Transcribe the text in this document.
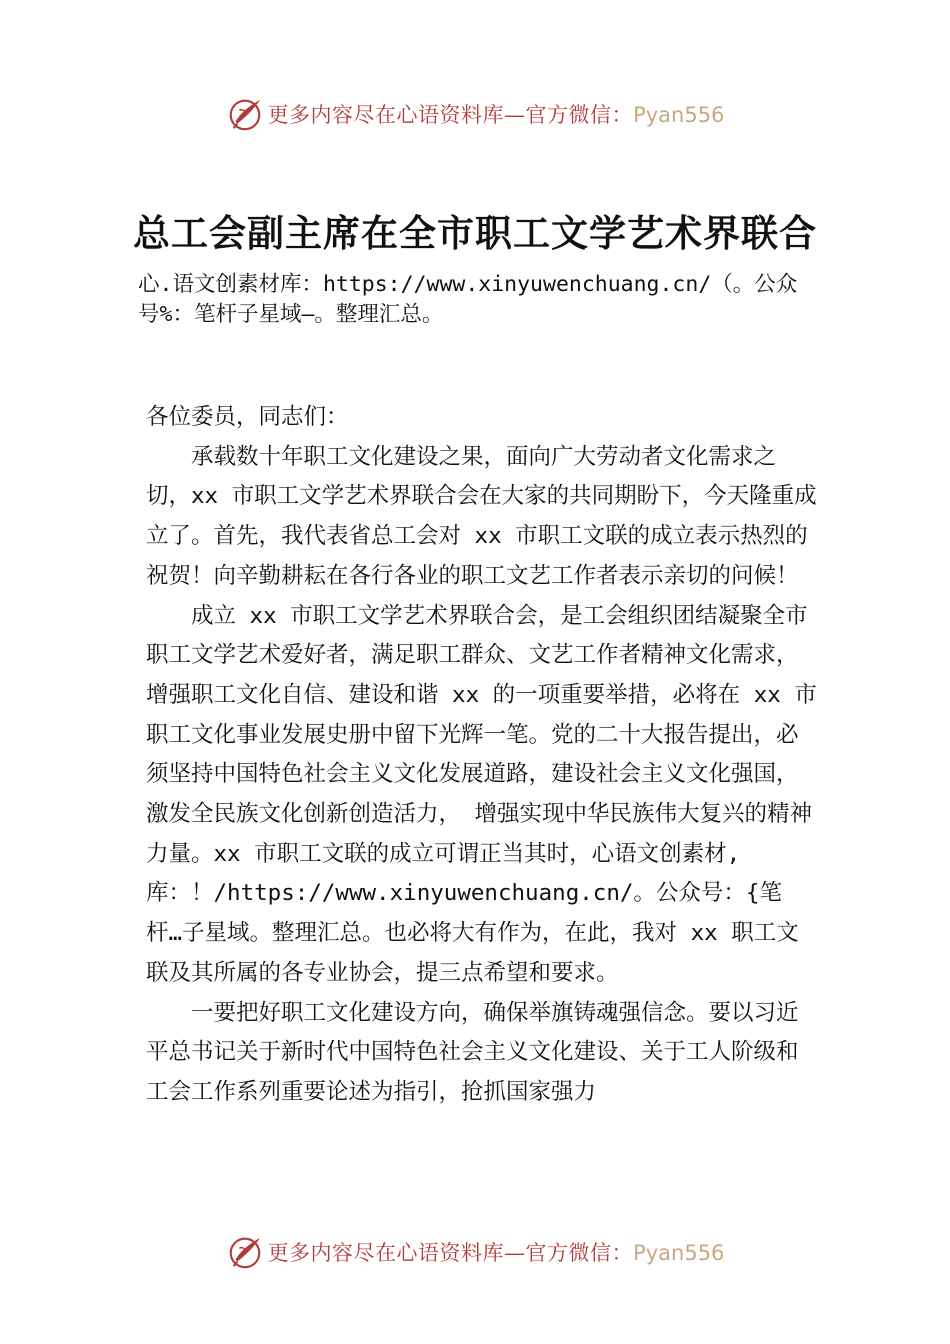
更多内容尽在心语资料库—官方微信：Pyan556
总工会副主席在全市职工文学艺术界联合

心.语文创素材库：https://www.xinyuwenchuang.cn/（。公众号%：笔杆子星域—。整理汇总。

各位委员，同志们：

承载数十年职工文化建设之果，面向广大劳动者文化需求之切，xx 市职工文学艺术界联合会在大家的共同期盼下，今天隆重成立了。首先，我代表省总工会对 xx 市职工文联的成立表示热烈的祝贺！向辛勤耕耘在各行各业的职工文艺工作者表示亲切的问候！

成立 xx 市职工文学艺术界联合会，是工会组织团结凝聚全市职工文学艺术爱好者，满足职工群众、文艺工作者精神文化需求，增强职工文化自信、建设和谐 xx 的一项重要举措，必将在 xx 市职工文化事业发展史册中留下光辉一笔。党的二十大报告提出，必须坚持中国特色社会主义文化发展道路，建设社会主义文化强国，激发全民族文化创新创造活力， 增强实现中华民族伟大复兴的精神力量。xx 市职工文联的成立可谓正当其时，心语文创素材,库：！/https://www.xinyuwenchuang.cn/。公众号：{笔杆…子星域。整理汇总。也必将大有作为，在此，我对 xx 职工文联及其所属的各专业协会，提三点希望和要求。

一要把好职工文化建设方向，确保举旗铸魂强信念。要以习近平总书记关于新时代中国特色社会主义文化建设、关于工人阶级和工会工作系列重要论述为指引，抢抓国家强力

更多内容尽在心语资料库—官方微信：Pyan556
